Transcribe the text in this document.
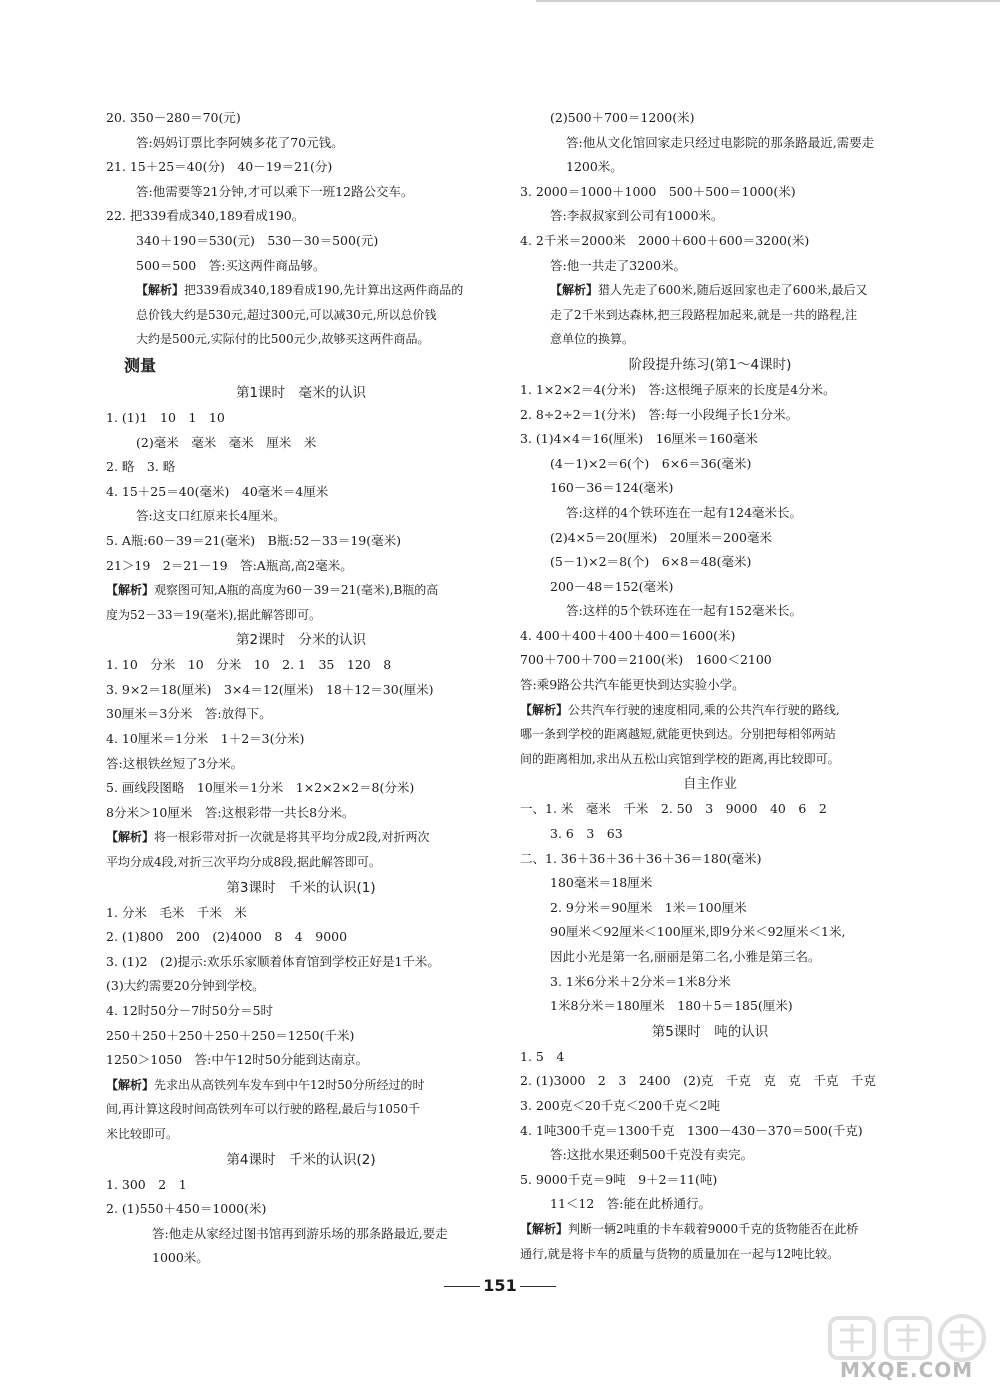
20. 350－280＝70(元)
答:妈妈订票比李阿姨多花了70元钱。
21. 15＋25＝40(分)　40－19＝21(分)
答:他需要等21分钟,才可以乘下一班12路公交车。
22. 把339看成340,189看成190。
340＋190＝530(元)　530－30＝500(元)
500＝500　答:买这两件商品够。
【解析】把339看成340,189看成190,先计算出这两件商品的
总价钱大约是530元,超过300元,可以减30元,所以总价钱
大约是500元,实际付的比500元少,故够买这两件商品。
测量
第1课时　毫米的认识
1. (1)1　10　1　10
(2)毫米　毫米　毫米　厘米　米
2. 略　3. 略
4. 15＋25＝40(毫米)　40毫米＝4厘米
答:这支口红原来长4厘米。
5. A瓶:60－39＝21(毫米)　B瓶:52－33＝19(毫米)
21＞19　2＝21－19　答:A瓶高,高2毫米。
【解析】观察图可知,A瓶的高度为60－39＝21(毫米),B瓶的高
度为52－33＝19(毫米),据此解答即可。
第2课时　分米的认识
1. 10　分米　10　分米　10　2. 1　35　120　8
3. 9×2＝18(厘米)　3×4＝12(厘米)　18＋12＝30(厘米)
30厘米＝3分米　答:放得下。
4. 10厘米＝1分米　1＋2＝3(分米)
答:这根铁丝短了3分米。
5. 画线段图略　10厘米＝1分米　1×2×2×2＝8(分米)
8分米＞10厘米　答:这根彩带一共长8分米。
【解析】将一根彩带对折一次就是将其平均分成2段,对折两次
平均分成4段,对折三次平均分成8段,据此解答即可。
第3课时　千米的认识(1)
1. 分米　毛米　千米　米
2. (1)800　200　(2)4000　8　4　9000
3. (1)2　(2)提示:欢乐乐家顺着体育馆到学校正好是1千米。
(3)大约需要20分钟到学校。
4. 12时50分－7时50分＝5时
250＋250＋250＋250＋250＝1250(千米)
1250＞1050　答:中午12时50分能到达南京。
【解析】先求出从高铁列车发车到中午12时50分所经过的时
间,再计算这段时间高铁列车可以行驶的路程,最后与1050千
米比较即可。
第4课时　千米的认识(2)
1. 300　2　1
2. (1)550＋450＝1000(米)
答:他走从家经过图书馆再到游乐场的那条路最近,要走
1000米。
(2)500＋700＝1200(米)
答:他从文化馆回家走只经过电影院的那条路最近,需要走
1200米。
3. 2000＝1000＋1000　500＋500＝1000(米)
答:李叔叔家到公司有1000米。
4. 2千米＝2000米　2000＋600＋600＝3200(米)
答:他一共走了3200米。
【解析】猎人先走了600米,随后返回家也走了600米,最后又
走了2千米到达森林,把三段路程加起来,就是一共的路程,注
意单位的换算。
阶段提升练习(第1～4课时)
1. 1×2×2＝4(分米)　答:这根绳子原来的长度是4分米。
2. 8÷2÷2＝1(分米)　答:每一小段绳子长1分米。
3. (1)4×4＝16(厘米)　16厘米＝160毫米
(4－1)×2＝6(个)　6×6＝36(毫米)
160－36＝124(毫米)
答:这样的4个铁环连在一起有124毫米长。
(2)4×5＝20(厘米)　20厘米＝200毫米
(5－1)×2＝8(个)　6×8＝48(毫米)
200－48＝152(毫米)
答:这样的5个铁环连在一起有152毫米长。
4. 400＋400＋400＋400＝1600(米)
700＋700＋700＝2100(米)　1600＜2100
答:乘9路公共汽车能更快到达实验小学。
【解析】公共汽车行驶的速度相同,乘的公共汽车行驶的路线,
哪一条到学校的距离越短,就能更快到达。分别把每相邻两站
间的距离相加,求出从五松山宾馆到学校的距离,再比较即可。
自主作业
一、1. 米　毫米　千米　2. 50　3　9000　40　6　2
3. 6　3　63
二、1. 36＋36＋36＋36＋36＝180(毫米)
180毫米＝18厘米
2. 9分米＝90厘米　1米＝100厘米
90厘米＜92厘米＜100厘米,即9分米＜92厘米＜1米,
因此小光是第一名,丽丽是第二名,小雅是第三名。
3. 1米6分米＋2分米＝1米8分米
1米8分米＝180厘米　180＋5＝185(厘米)
第5课时　吨的认识
1. 5　4
2. (1)3000　2　3　2400　(2)克　千克　克　克　千克　千克
3. 200克＜20千克＜200千克＜2吨
4. 1吨300千克＝1300千克　1300－430－370＝500(千克)
答:这批水果还剩500千克没有卖完。
5. 9000千克＝9吨　9＋2＝11(吨)
11＜12　答:能在此桥通行。
【解析】判断一辆2吨重的卡车载着9000千克的货物能否在此桥
通行,就是将卡车的质量与货物的质量加在一起与12吨比较。
151
MXQE.COM
